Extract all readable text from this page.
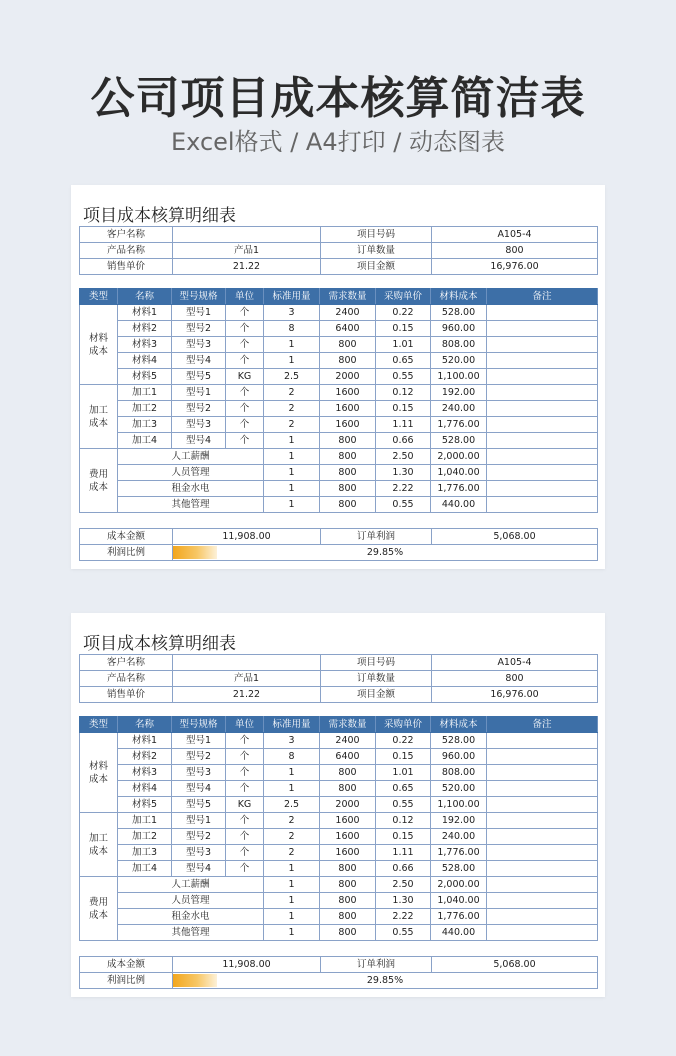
公司项目成本核算简洁表
Excel格式 / A4打印 / 动态图表
项目成本核算明细表
客户名称		项目号码	A105-4
产品名称	产品1	订单数量	800
销售单价	21.22	项目金额	16,976.00
类型	名称	型号规格	单位	标准用量	需求数量	采购单价	材料成本	备注
材料成本	材料1	型号1	个	3	2400	0.22	528.00	
	材料2	型号2	个	8	6400	0.15	960.00	
	材料3	型号3	个	1	800	1.01	808.00	
	材料4	型号4	个	1	800	0.65	520.00	
	材料5	型号5	KG	2.5	2000	0.55	1,100.00	
加工成本	加工1	型号1	个	2	1600	0.12	192.00	
	加工2	型号2	个	2	1600	0.15	240.00	
	加工3	型号3	个	2	1600	1.11	1,776.00	
	加工4	型号4	个	1	800	0.66	528.00	
费用成本	人工薪酬			1	800	2.50	2,000.00	
	人员管理			1	800	1.30	1,040.00	
	租金水电			1	800	2.22	1,776.00	
	其他管理			1	800	0.55	440.00	
成本金额	11,908.00	订单利润	5,068.00
利润比例	29.85%		
项目成本核算明细表
客户名称		项目号码	A105-4
产品名称	产品1	订单数量	800
销售单价	21.22	项目金额	16,976.00
类型	名称	型号规格	单位	标准用量	需求数量	采购单价	材料成本	备注
材料成本	材料1	型号1	个	3	2400	0.22	528.00	
	材料2	型号2	个	8	6400	0.15	960.00	
	材料3	型号3	个	1	800	1.01	808.00	
	材料4	型号4	个	1	800	0.65	520.00	
	材料5	型号5	KG	2.5	2000	0.55	1,100.00	
加工成本	加工1	型号1	个	2	1600	0.12	192.00	
	加工2	型号2	个	2	1600	0.15	240.00	
	加工3	型号3	个	2	1600	1.11	1,776.00	
	加工4	型号4	个	1	800	0.66	528.00	
费用成本	人工薪酬			1	800	2.50	2,000.00	
	人员管理			1	800	1.30	1,040.00	
	租金水电			1	800	2.22	1,776.00	
	其他管理			1	800	0.55	440.00	
成本金额	11,908.00	订单利润	5,068.00
利润比例	29.85%		
